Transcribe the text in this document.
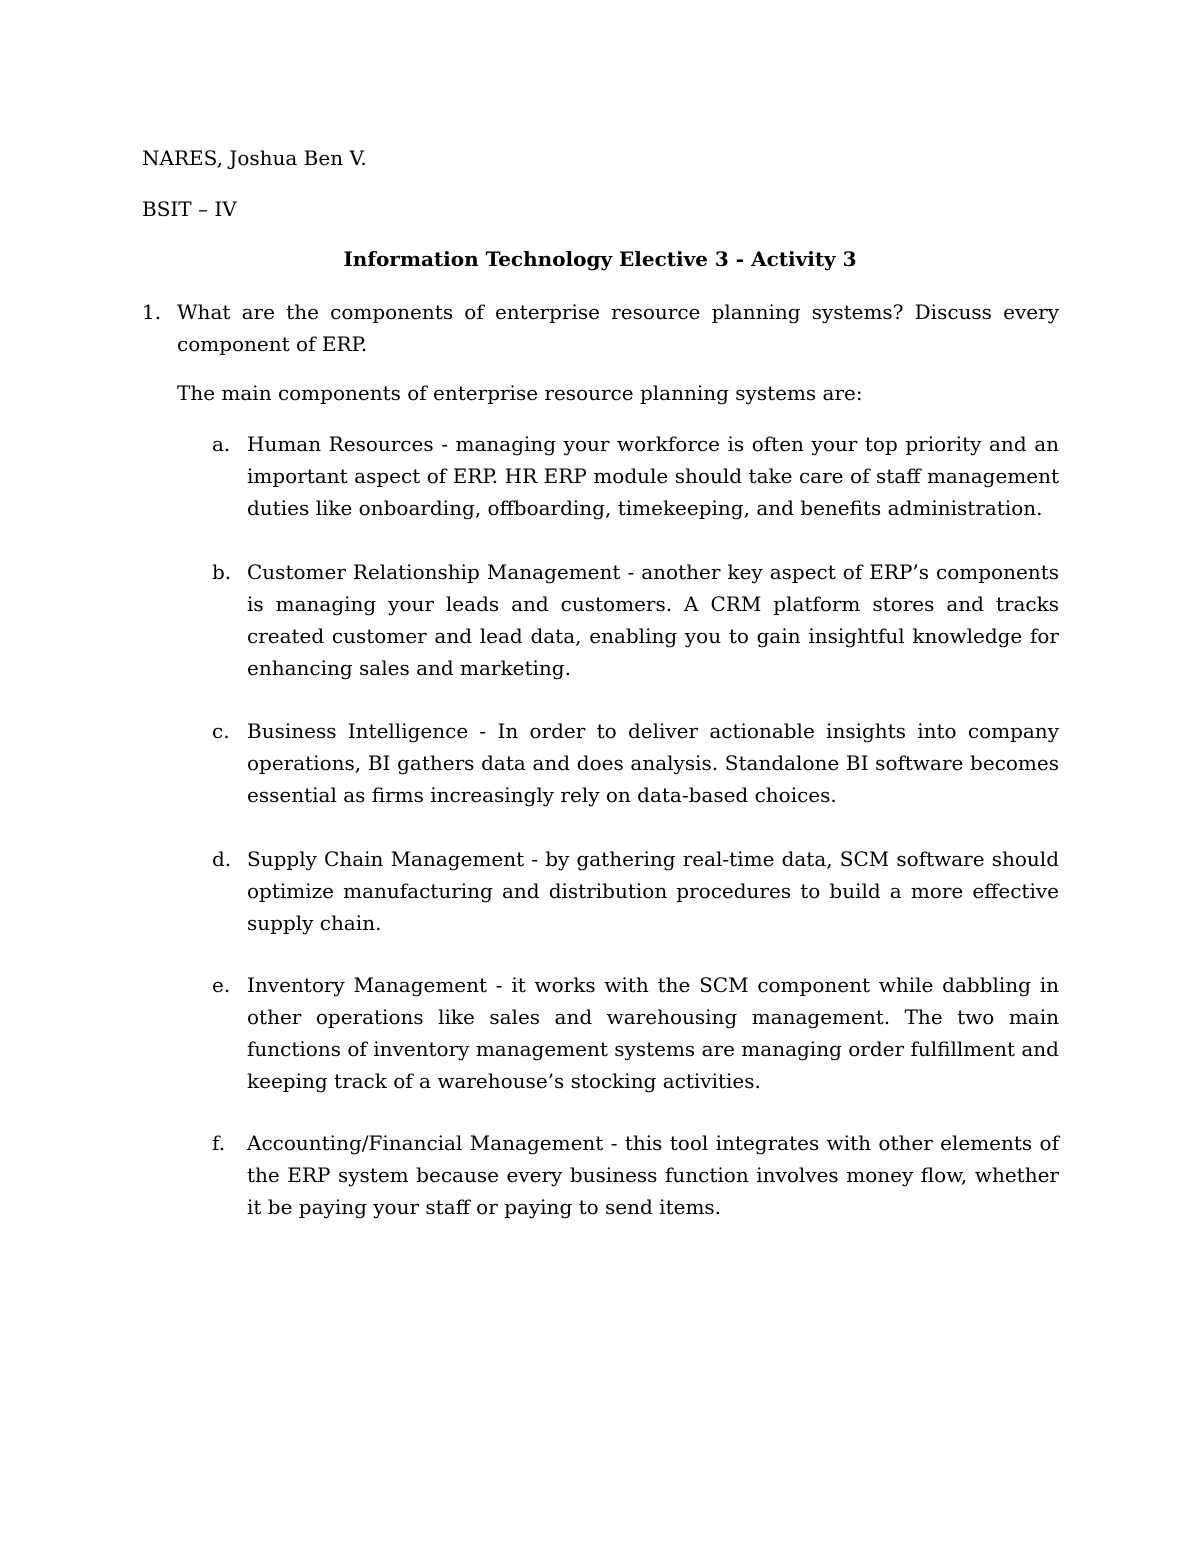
NARES, Joshua Ben V.
BSIT – IV
Information Technology Elective 3 - Activity 3
1. What are the components of enterprise resource planning systems? Discuss every component of ERP.
The main components of enterprise resource planning systems are:
a. Human Resources - managing your workforce is often your top priority and an important aspect of ERP. HR ERP module should take care of staff management duties like onboarding, offboarding, timekeeping, and benefits administration.
b. Customer Relationship Management - another key aspect of ERP’s components is managing your leads and customers. A CRM platform stores and tracks created customer and lead data, enabling you to gain insightful knowledge for enhancing sales and marketing.
c. Business Intelligence - In order to deliver actionable insights into company operations, BI gathers data and does analysis. Standalone BI software becomes essential as firms increasingly rely on data-based choices.
d. Supply Chain Management - by gathering real-time data, SCM software should optimize manufacturing and distribution procedures to build a more effective supply chain.
e. Inventory Management - it works with the SCM component while dabbling in other operations like sales and warehousing management. The two main functions of inventory management systems are managing order fulfillment and keeping track of a warehouse’s stocking activities.
f. Accounting/Financial Management - this tool integrates with other elements of the ERP system because every business function involves money flow, whether it be paying your staff or paying to send items.
